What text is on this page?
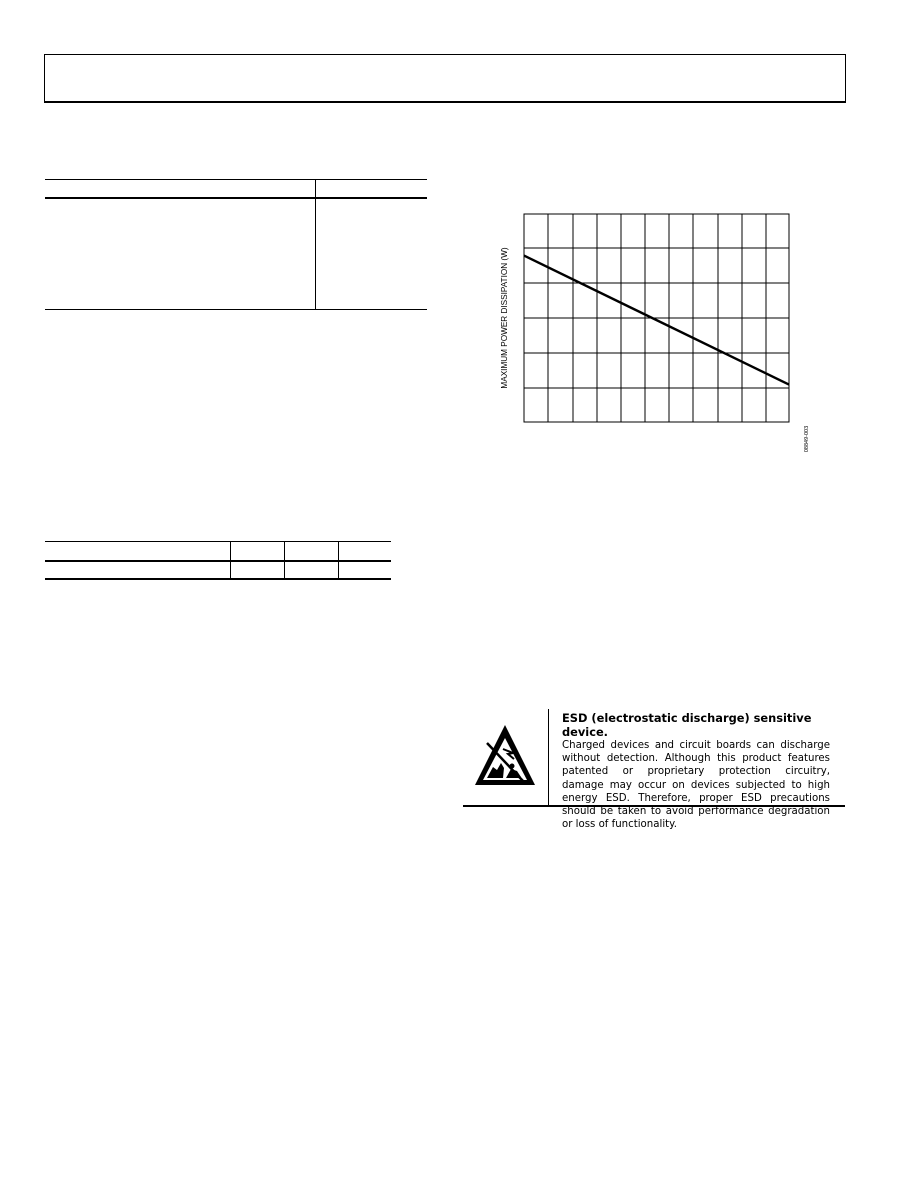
MAXIMUM POWER DISSIPATION (W)
08849-003
ESD (electrostatic discharge) sensitive device.
Charged devices and circuit boards can discharge without detection. Although this product features patented or proprietary protection circuitry, damage may occur on devices subjected to high energy ESD. Therefore, proper ESD precautions should be taken to avoid performance degradation or loss of functionality.
